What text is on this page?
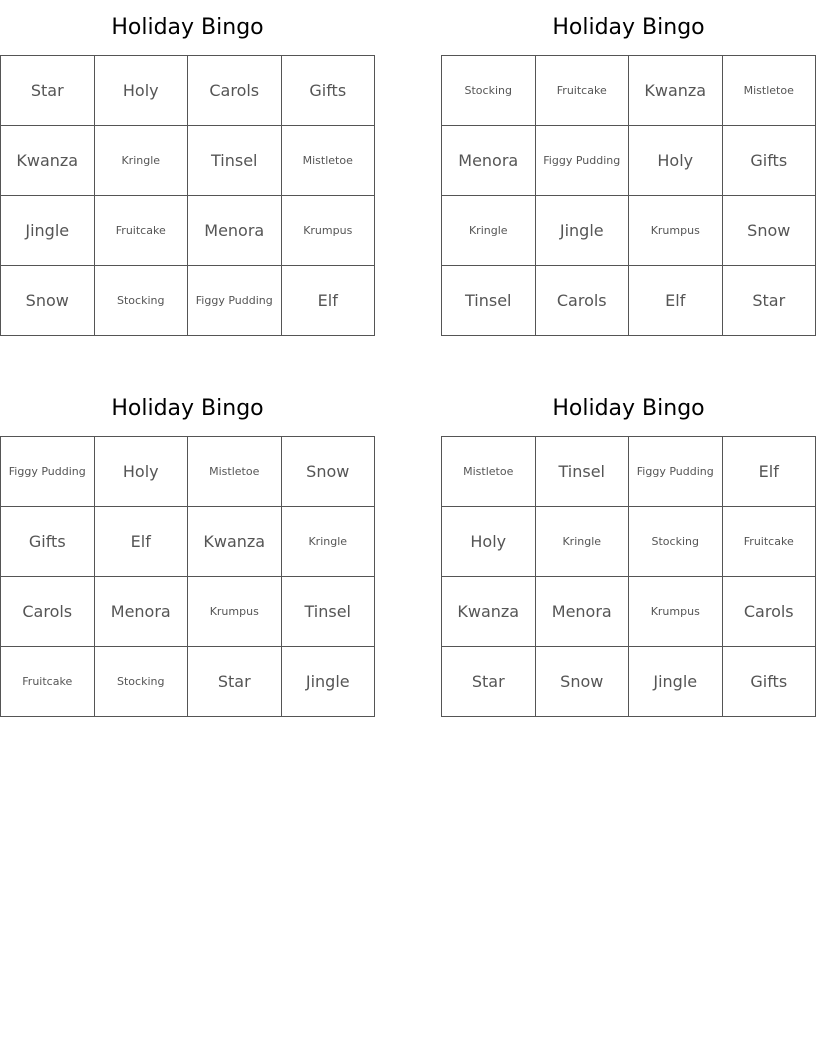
Holiday Bingo
Star	Holy	Carols	Gifts
Kwanza	Kringle	Tinsel	Mistletoe
Jingle	Fruitcake	Menora	Krumpus
Snow	Stocking	Figgy Pudding	Elf
Holiday Bingo
Stocking	Fruitcake	Kwanza	Mistletoe
Menora	Figgy Pudding	Holy	Gifts
Kringle	Jingle	Krumpus	Snow
Tinsel	Carols	Elf	Star
Holiday Bingo
Figgy Pudding	Holy	Mistletoe	Snow
Gifts	Elf	Kwanza	Kringle
Carols	Menora	Krumpus	Tinsel
Fruitcake	Stocking	Star	Jingle
Holiday Bingo
Mistletoe	Tinsel	Figgy Pudding	Elf
Holy	Kringle	Stocking	Fruitcake
Kwanza	Menora	Krumpus	Carols
Star	Snow	Jingle	Gifts
